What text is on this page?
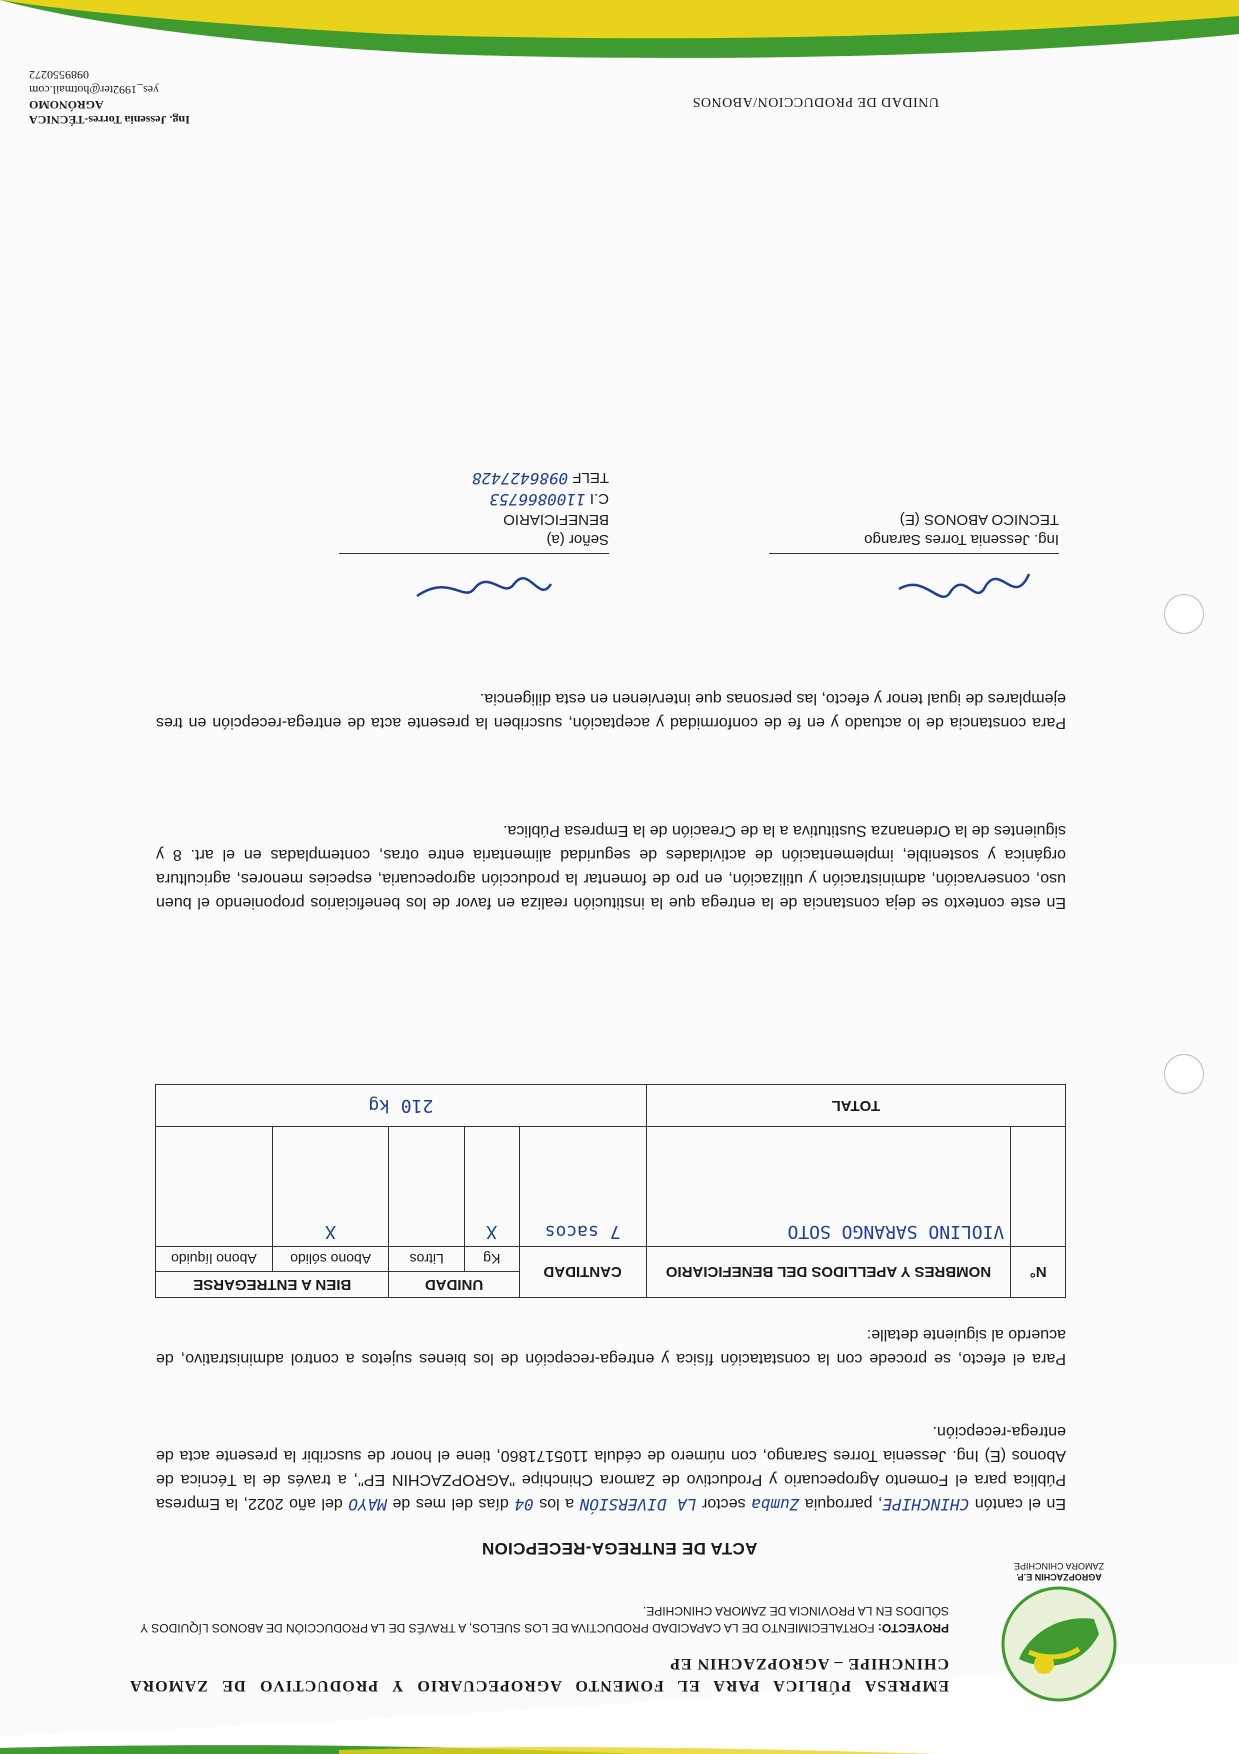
AGROPZACHIN E.P.
ZAMORA CHINCHIPE
EMPRESA PÚBLICA PARA EL FOMENTO AGROPECUARIO Y PRODUCTIVO DE ZAMORA CHINCHIPE – AGROPZACHIN EP
PROYECTO: FORTALECIMIENTO DE LA CAPACIDAD PRODUCTIVA DE LOS SUELOS, A TRAVÉS DE LA PRODUCCIÓN DE ABONOS LÍQUIDOS Y SÓLIDOS EN LA PROVINCIA DE ZAMORA CHINCHIPE.
ACTA DE ENTREGA-RECEPCION
En el cantón CHINCHIPE, parroquia Zumba sector LA DIVERSIÓN a los 04 días del mes de MAYO del año 2022, la Empresa Pública para el Fomento Agropecuario y Productivo de Zamora Chinchipe "AGROPZACHIN EP", a través de la Técnica de Abonos (E) Ing. Jessenia Torres Sarango, con número de cédula 1105171860, tiene el honor de suscribir la presente acta de entrega-recepción.
Para el efecto, se procede con la constatación física y entrega-recepción de los bienes sujetos a control administrativo, de acuerdo al siguiente detalle:
N°	NOMBRES Y APELLIDOS DEL BENEFICIARIO	CANTIDAD	UNIDAD		BIEN A ENTREGARSE	
			Kg	Litros	Abono sólido	Abono líquido
	VIOLINO SARANGO SOTO	7 sacos	X		X	
TOTAL		210 kg				
En este contexto se deja constancia de la entrega que la institución realiza en favor de los beneficiarios proponiendo el buen uso, conservación, administración y utilización, en pro de fomentar la producción agropecuaria, especies menores, agricultura orgánica y sostenible, implementación de actividades de seguridad alimentaria entre otras, contempladas en el art. 8 y siguientes de la Ordenanza Sustitutiva a la de Creación de la Empresa Pública.
Para constancia de lo actuado y en fe de conformidad y aceptación, suscriben la presente acta de entrega-recepción en tres ejemplares de igual tenor y efecto, las personas que intervienen en esta diligencia.
Ing. Jessenia Torres Sarango
TECNICO ABONOS (E)
Señor (a)
BENEFICIARIO
C.I 1100866753
TELF 0986427428
UNIDAD DE PRODUCCION/ABONOS
Ing. Jessenia Torres-TÉCNICA AGRÓNOMO
yes_1992ter@hotmail.com
0989550272
